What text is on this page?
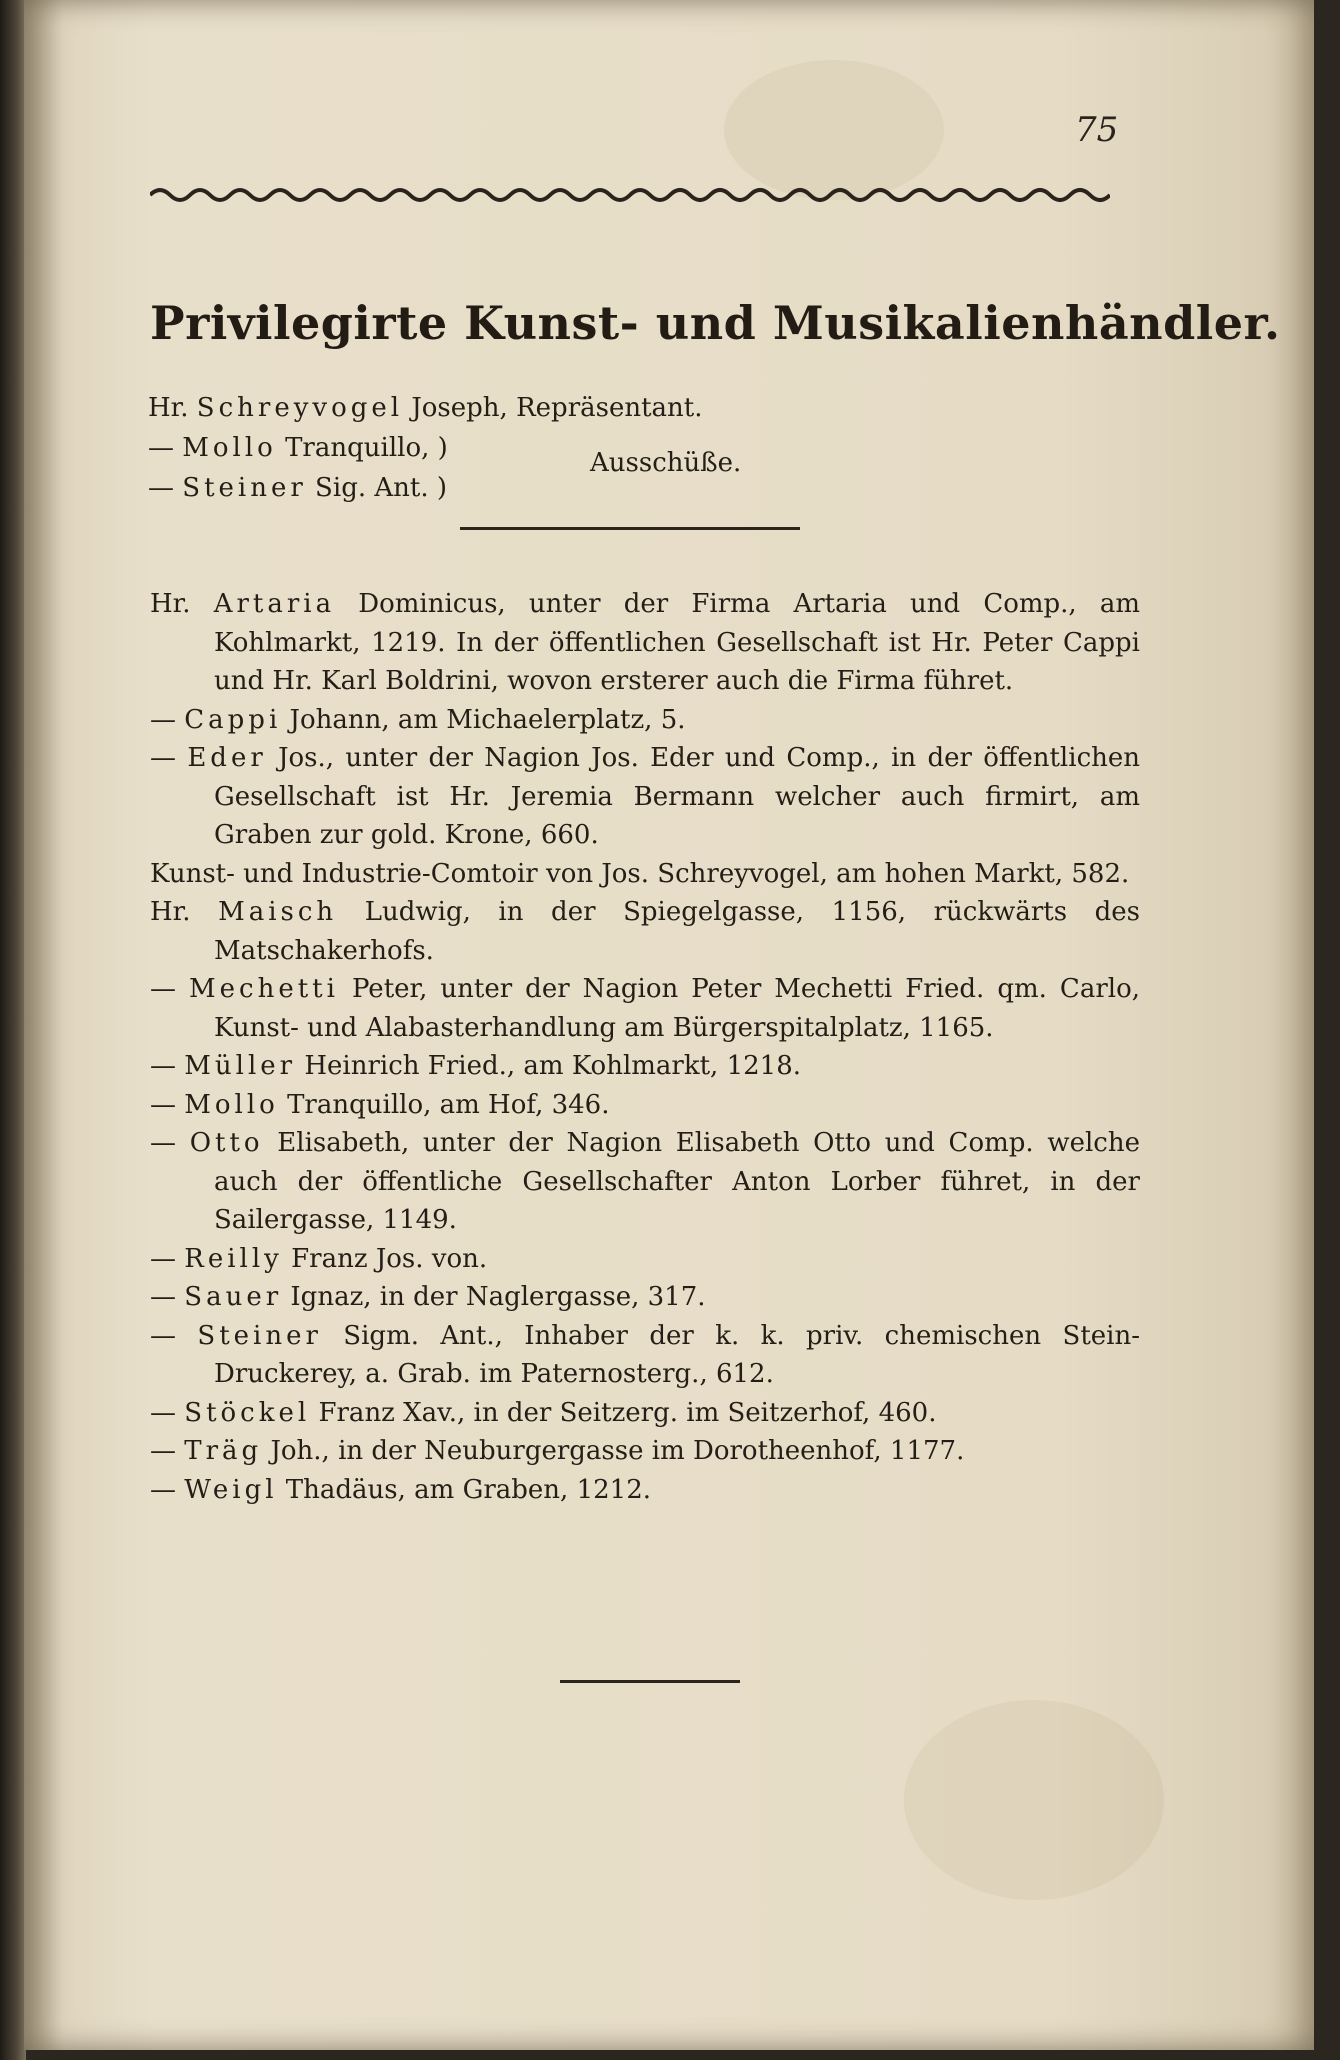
75
Privilegirte Kunst- und Musikalienhändler.
Hr. Schreyvogel Joseph, Repräsentant.
— Mollo Tranquillo, )
— Steiner Sig. Ant. )
Ausschüße.
Hr. Artaria Dominicus, unter der Firma Artaria und Comp., am Kohlmarkt, 1219. In der öffentlichen Gesellschaft ist Hr. Peter Cappi und Hr. Karl Boldrini, wovon ersterer auch die Firma führet.
— Cappi Johann, am Michaelerplatz, 5.
— Eder Jos., unter der Nagion Jos. Eder und Comp., in der öffentlichen Gesellschaft ist Hr. Jeremia Bermann welcher auch firmirt, am Graben zur gold. Krone, 660.
Kunst- und Industrie-Comtoir von Jos. Schreyvogel, am hohen Markt, 582.
Hr. Maisch Ludwig, in der Spiegelgasse, 1156, rückwärts des Matschakerhofs.
— Mechetti Peter, unter der Nagion Peter Mechetti Fried. qm. Carlo, Kunst- und Alabasterhandlung am Bürgerspitalplatz, 1165.
— Müller Heinrich Fried., am Kohlmarkt, 1218.
— Mollo Tranquillo, am Hof, 346.
— Otto Elisabeth, unter der Nagion Elisabeth Otto und Comp. welche auch der öffentliche Gesellschafter Anton Lorber führet, in der Sailergasse, 1149.
— Reilly Franz Jos. von.
— Sauer Ignaz, in der Naglergasse, 317.
— Steiner Sigm. Ant., Inhaber der k. k. priv. chemischen Stein-Druckerey, a. Grab. im Paternosterg., 612.
— Stöckel Franz Xav., in der Seitzerg. im Seitzerhof, 460.
— Träg Joh., in der Neuburgergasse im Dorotheenhof, 1177.
— Weigl Thadäus, am Graben, 1212.
